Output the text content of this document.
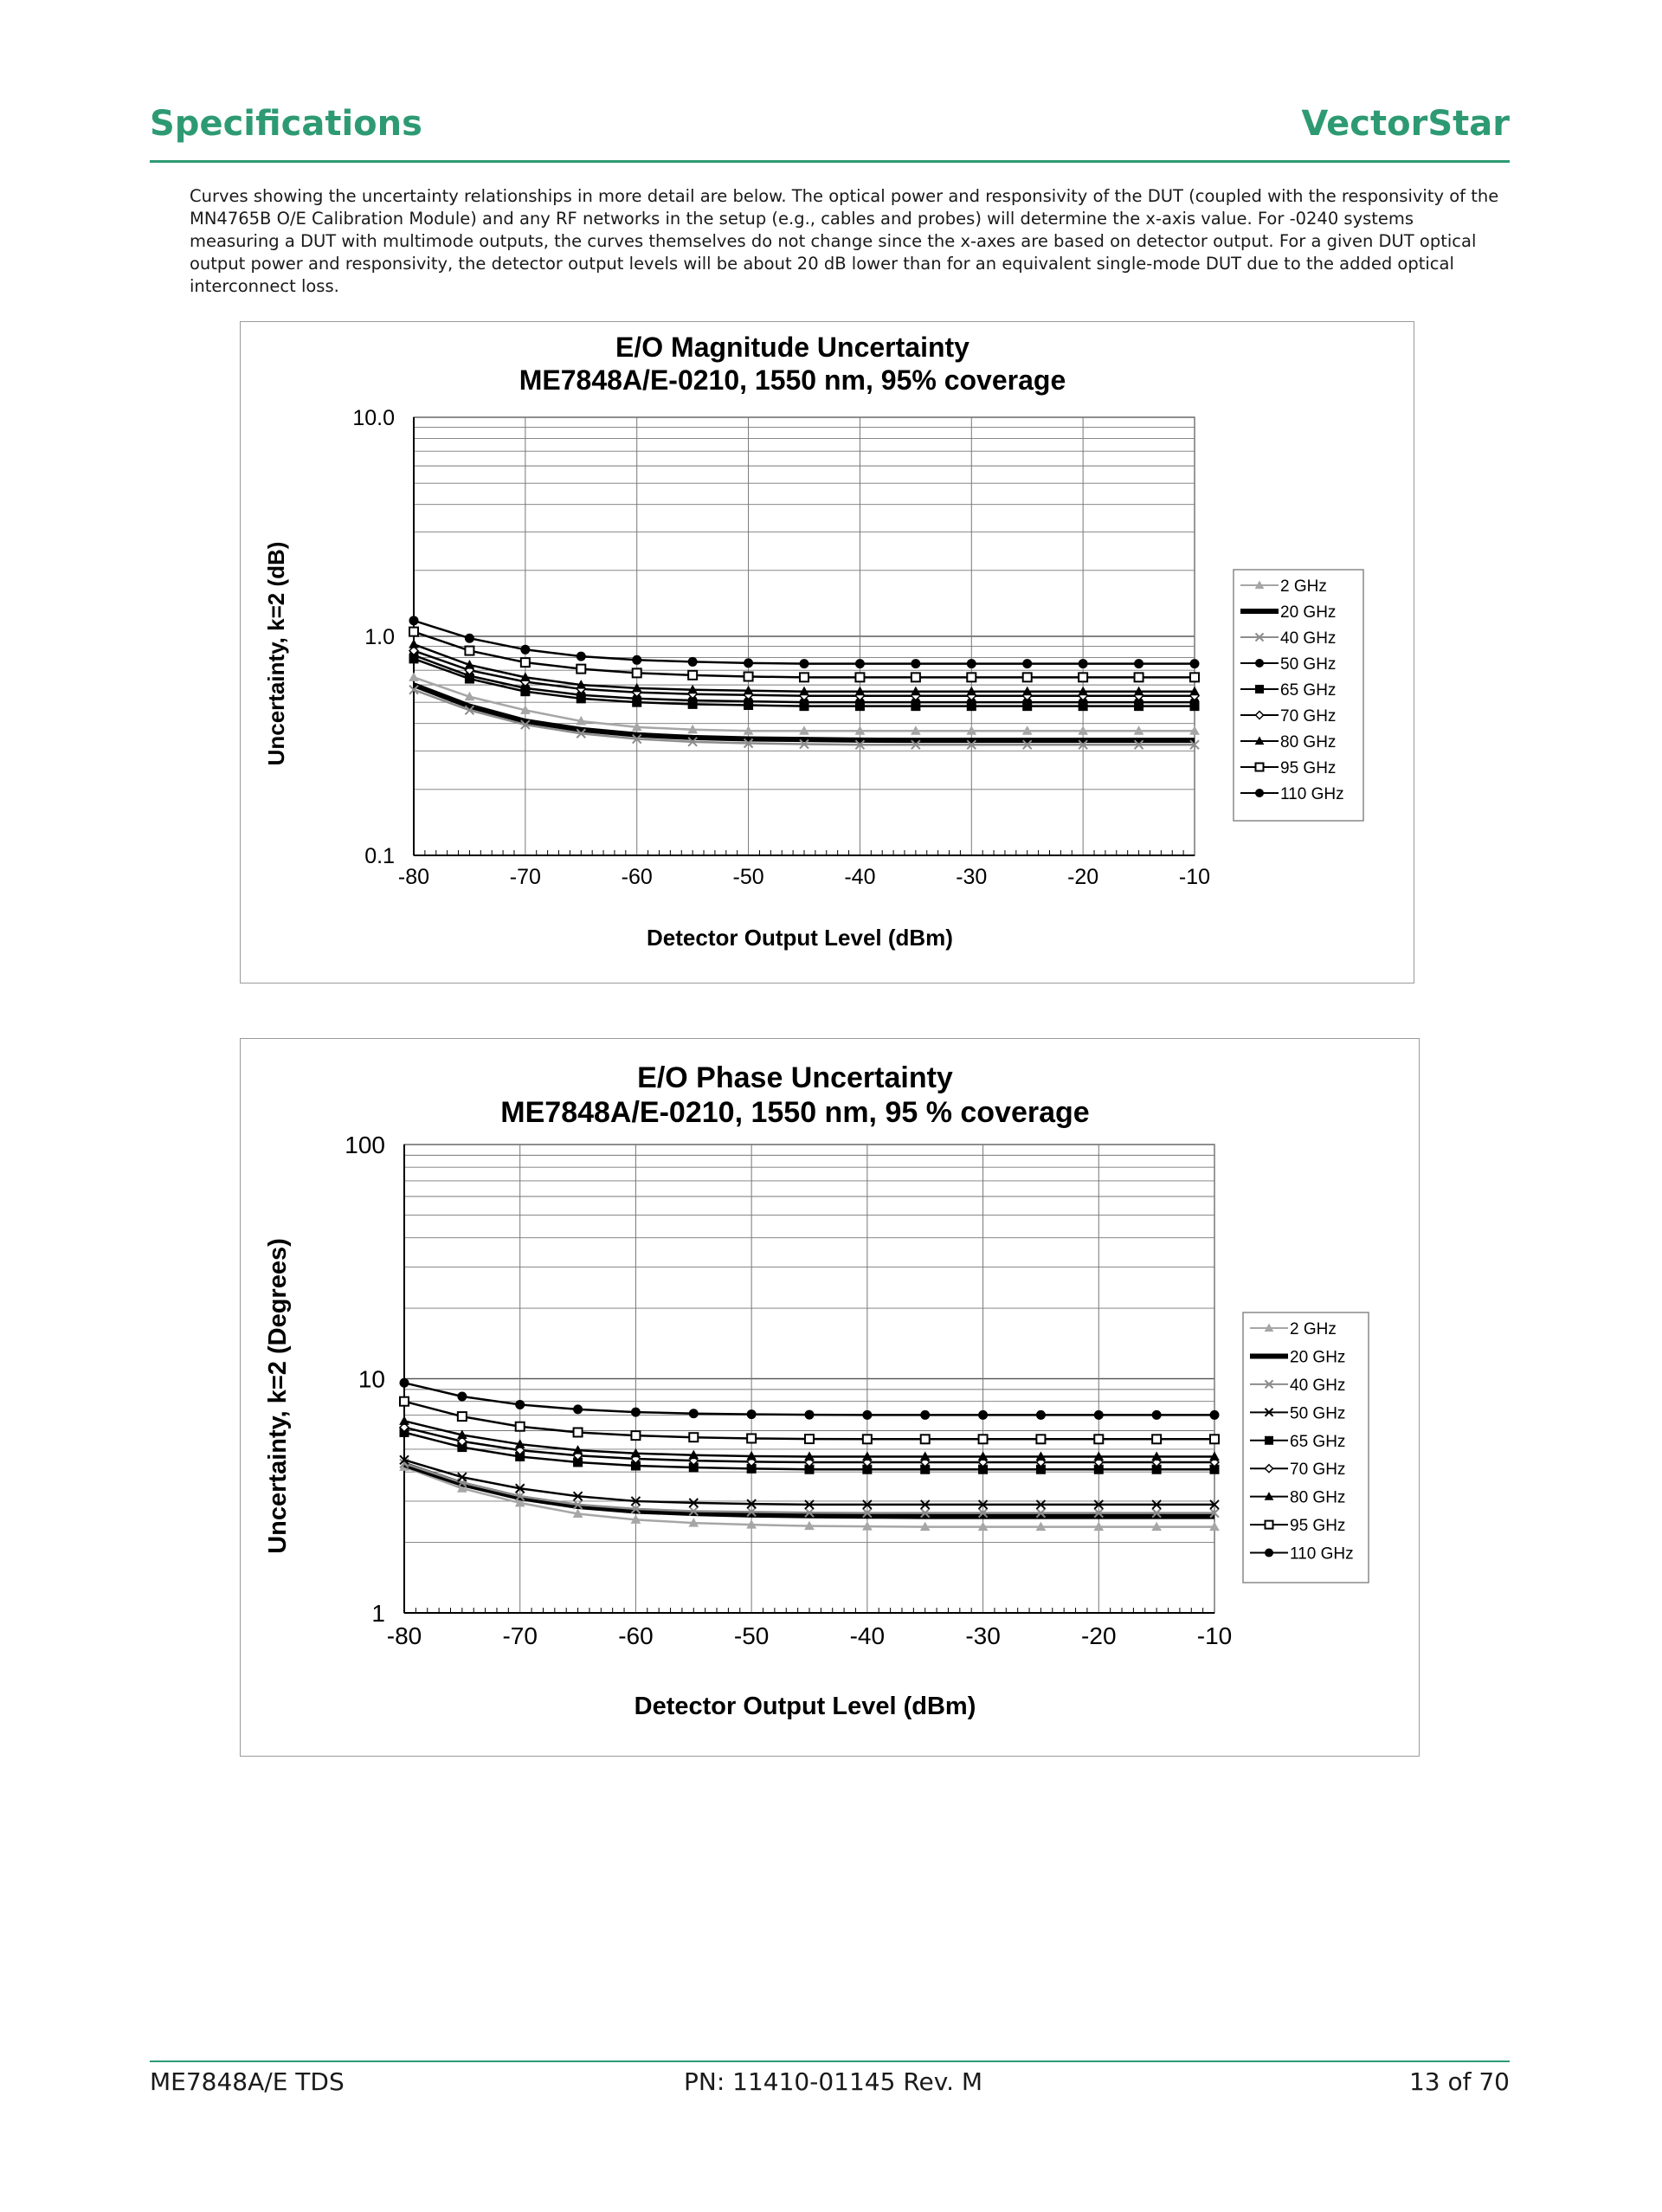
Specifications	VectorStar
Curves showing the uncertainty relationships in more detail are below. The optical power and responsivity of the DUT (coupled with the responsivity of the MN4765B O/E Calibration Module) and any RF networks in the setup (e.g., cables and probes) will determine the x-axis value. For -0240 systems measuring a DUT with multimode outputs, the curves themselves do not change since the x-axes are based on detector output. For a given DUT optical output power and responsivity, the detector output levels will be about 20 dB lower than for an equivalent single-mode DUT due to the added optical interconnect loss.
E/O Magnitude Uncertainty
ME7848A/E-0210, 1550 nm, 95% coverage
-80	-70	-60	-50	-40	-30	-20	-10
0.1
1.0
10.0
Detector Output Level (dBm)
Uncertainty, k=2 (dB)	2 GHz
20 GHz
40 GHz
50 GHz
65 GHz
70 GHz
80 GHz
95 GHz
110 GHz
E/O Phase Uncertainty
ME7848A/E-0210, 1550 nm, 95 % coverage
-80	-70	-60	-50	-40	-30	-20	-10
1
10
100
Detector Output Level (dBm)
Uncertainty, k=2 (Degrees)	2 GHz
20 GHz
40 GHz
50 GHz
65 GHz
70 GHz
80 GHz
95 GHz
110 GHz
ME7848A/E TDS	PN: 11410-01145 Rev. M	13 of 70
